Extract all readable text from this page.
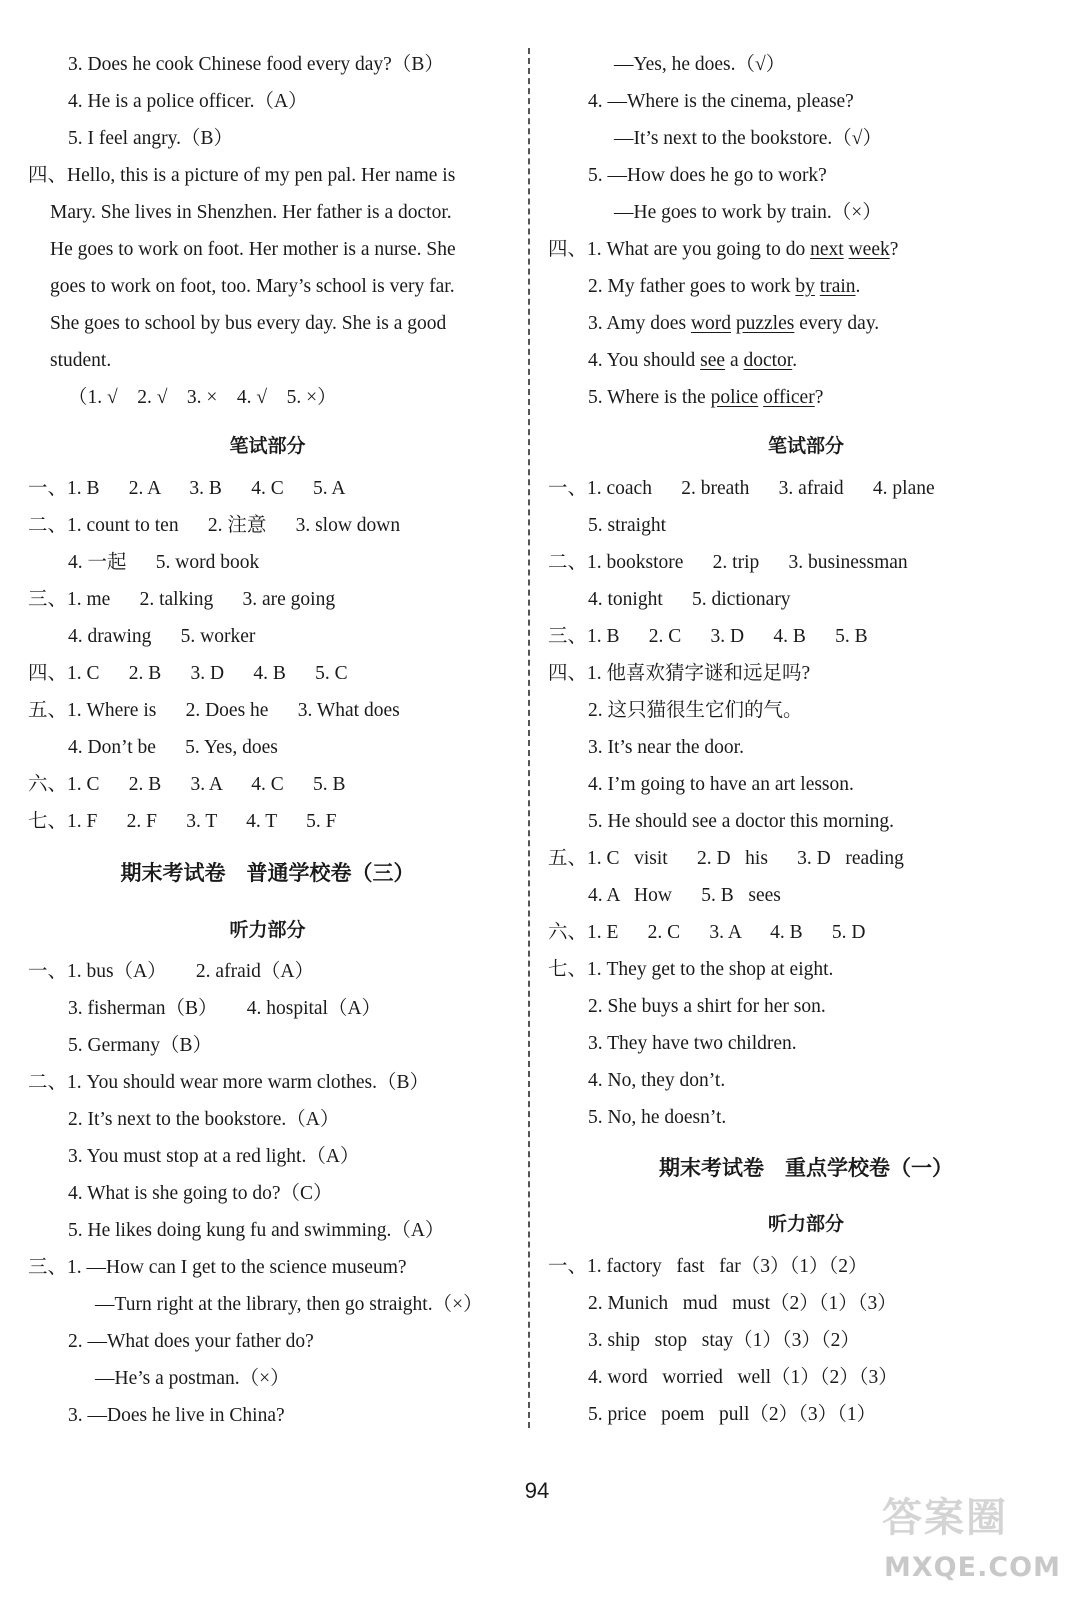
3. Does he cook Chinese food every day?（B）
4. He is a police officer.（A）
5. I feel angry.（B）
四、Hello, this is a picture of my pen pal. Her name is
Mary. She lives in Shenzhen. Her father is a doctor.
He goes to work on foot. Her mother is a nurse. She
goes to work on foot, too. Mary’s school is very far.
She goes to school by bus every day. She is a good
student.
（1. √    2. √    3. ×    4. √    5. ×）
笔试部分
一、1. B      2. A      3. B      4. C      5. A
二、1. count to ten      2. 注意      3. slow down
4. 一起      5. word book
三、1. me      2. talking      3. are going
4. drawing      5. worker
四、1. C      2. B      3. D      4. B      5. C
五、1. Where is      2. Does he      3. What does
4. Don’t be      5. Yes, does
六、1. C      2. B      3. A      4. C      5. B
七、1. F      2. F      3. T      4. T      5. F
期末考试卷　普通学校卷（三）
听力部分
一、1. bus（A）      2. afraid（A）
3. fisherman（B）      4. hospital（A）
5. Germany（B）
二、1. You should wear more warm clothes.（B）
2. It’s next to the bookstore.（A）
3. You must stop at a red light.（A）
4. What is she going to do?（C）
5. He likes doing kung fu and swimming.（A）
三、1. —How can I get to the science museum?
—Turn right at the library, then go straight.（×）
2. —What does your father do?
—He’s a postman.（×）
3. —Does he live in China?
—Yes, he does.（√）
4. —Where is the cinema, please?
—It’s next to the bookstore.（√）
5. —How does he go to work?
—He goes to work by train.（×）
四、1. What are you going to do next week?
2. My father goes to work by train.
3. Amy does word puzzles every day.
4. You should see a doctor.
5. Where is the police officer?
笔试部分
一、1. coach      2. breath      3. afraid      4. plane
5. straight
二、1. bookstore      2. trip      3. businessman
4. tonight      5. dictionary
三、1. B      2. C      3. D      4. B      5. B
四、1. 他喜欢猜字谜和远足吗?
2. 这只猫很生它们的气。
3. It’s near the door.
4. I’m going to have an art lesson.
5. He should see a doctor this morning.
五、1. C   visit      2. D   his      3. D   reading
4. A   How      5. B   sees
六、1. E      2. C      3. A      4. B      5. D
七、1. They get to the shop at eight.
2. She buys a shirt for her son.
3. They have two children.
4. No, they don’t.
5. No, he doesn’t.
期末考试卷　重点学校卷（一）
听力部分
一、1. factory   fast   far（3）（1）（2）
2. Munich   mud   must（2）（1）（3）
3. ship   stop   stay（1）（3）（2）
4. word   worried   well（1）（2）（3）
5. price   poem   pull（2）（3）（1）
94
答案圈
MXQE.COM
